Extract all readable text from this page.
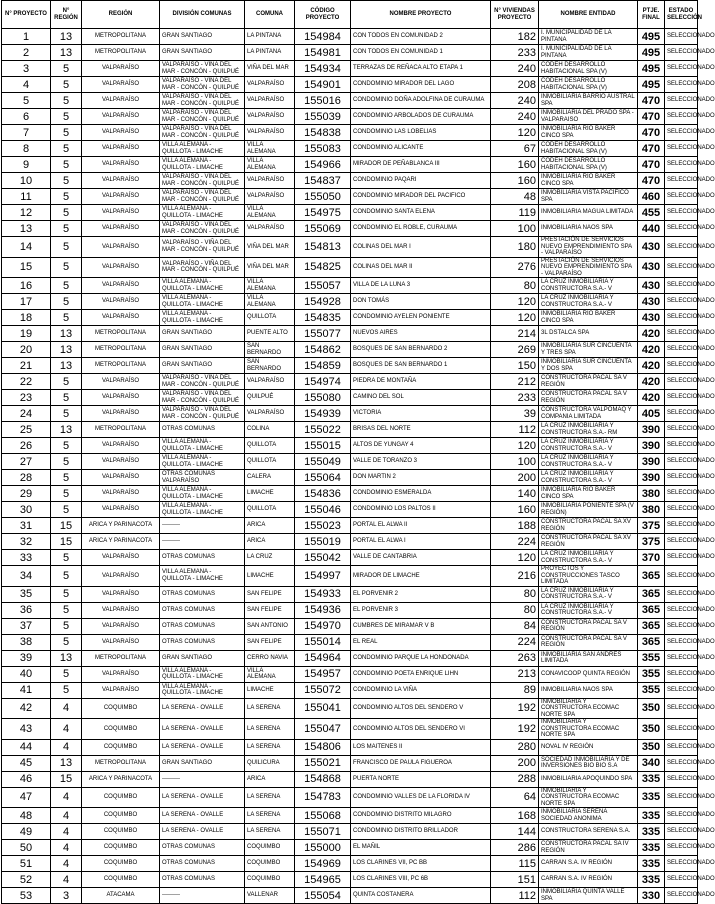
N° PROYECTO	N° REGIÓN	REGIÓN	DIVISIÓN COMUNAS	COMUNA	CÓDIGO PROYECTO	NOMBRE PROYECTO	N° VIVIENDAS PROYECTO	NOMBRE ENTIDAD	PTJE. FINAL	ESTADO SELECCIÓN
1	13	METROPOLITANA	GRAN SANTIAGO	LA PINTANA	154984	CON TODOS EN COMUNIDAD 2	182	I. MUNICIPALIDAD DE LA PINTANA	495	SELECCIONADO
2	13	METROPOLITANA	GRAN SANTIAGO	LA PINTANA	154981	CON TODOS EN COMUNIDAD 1	233	I. MUNICIPALIDAD DE LA PINTANA	495	SELECCIONADO
3	5	VALPARAÍSO	VALPARAÍSO - VIÑA DEL MAR - CONCÓN - QUILPUÉ	VIÑA DEL MAR	154934	TERRAZAS DE REÑACA ALTO ETAPA 1	240	CODEH DESARROLLO HABITACIONAL SPA (V)	495	SELECCIONADO
4	5	VALPARAÍSO	VALPARAÍSO - VIÑA DEL MAR - CONCÓN - QUILPUÉ	VALPARAÍSO	154901	CONDOMINIO MIRADOR DEL LAGO	208	CODEH DESARROLLO HABITACIONAL SPA (V)	495	SELECCIONADO
5	5	VALPARAÍSO	VALPARAÍSO - VIÑA DEL MAR - CONCÓN - QUILPUÉ	VALPARAÍSO	155016	CONDOMINIO DOÑA ADOLFINA DE CURAUMA	240	INMOBILIARIA BARRIO AUSTRAL SPA	470	SELECCIONADO
6	5	VALPARAÍSO	VALPARAÍSO - VIÑA DEL MAR - CONCÓN - QUILPUÉ	VALPARAÍSO	155039	CONDOMINIO ARBOLADOS DE CURAUMA	240	INMOBILIARIA DEL PRADO SPA - VALPARAISO	470	SELECCIONADO
7	5	VALPARAÍSO	VALPARAÍSO - VIÑA DEL MAR - CONCÓN - QUILPUÉ	VALPARAÍSO	154838	CONDOMINIO LAS LOBELIAS	120	INMOBILIARIA RIO BAKER CINCO SPA	470	SELECCIONADO
8	5	VALPARAÍSO	VILLA ALEMANA - QUILLOTA - LIMACHE	VILLA ALEMANA	155083	CONDOMINIO ALICANTE	67	CODEH DESARROLLO HABITACIONAL SPA (V)	470	SELECCIONADO
9	5	VALPARAÍSO	VILLA ALEMANA - QUILLOTA - LIMACHE	VILLA ALEMANA	154966	MIRADOR DE PEÑABLANCA III	160	CODEH DESARROLLO HABITACIONAL SPA (V)	470	SELECCIONADO
10	5	VALPARAÍSO	VALPARAÍSO - VIÑA DEL MAR - CONCÓN - QUILPUÉ	VALPARAÍSO	154837	CONDOMINIO PAQARI	160	INMOBILIARIA RIO BAKER CINCO SPA	470	SELECCIONADO
11	5	VALPARAÍSO	VALPARAÍSO - VIÑA DEL MAR - CONCÓN - QUILPUÉ	VALPARAÍSO	155050	CONDOMINIO MIRADOR DEL PACIFICO	48	INMOBILIARIA VISTA PACIFICO SPA	460	SELECCIONADO
12	5	VALPARAÍSO	VILLA ALEMANA - QUILLOTA - LIMACHE	VILLA ALEMANA	154975	CONDOMINIO SANTA ELENA	119	INMOBILIARIA MAGUA LIMITADA	455	SELECCIONADO
13	5	VALPARAÍSO	VALPARAÍSO - VIÑA DEL MAR - CONCÓN - QUILPUÉ	VALPARAÍSO	155069	CONDOMINIO EL ROBLE, CURAUMA	100	INMOBILIARIA NAOS SPA	440	SELECCIONADO
14	5	VALPARAÍSO	VALPARAÍSO - VIÑA DEL MAR - CONCÓN - QUILPUÉ	VIÑA DEL MAR	154813	COLINAS DEL MAR I	180	PRESTACIÓN DE SERVICIOS NUEVO EMPRENDIMIENTO SPA - VALPARAÍSO	430	SELECCIONADO
15	5	VALPARAÍSO	VALPARAÍSO - VIÑA DEL MAR - CONCÓN - QUILPUÉ	VIÑA DEL MAR	154825	COLINAS DEL MAR II	276	PRESTACIÓN DE SERVICIOS NUEVO EMPRENDIMIENTO SPA - VALPARAÍSO	430	SELECCIONADO
16	5	VALPARAÍSO	VILLA ALEMANA - QUILLOTA - LIMACHE	VILLA ALEMANA	155057	VILLA DE LA LUNA 3	80	LA CRUZ INMOBILIARIA Y CONSTRUCTORA S.A.- V	430	SELECCIONADO
17	5	VALPARAÍSO	VILLA ALEMANA - QUILLOTA - LIMACHE	VILLA ALEMANA	154928	DON TOMÁS	120	LA CRUZ INMOBILIARIA Y CONSTRUCTORA S.A.- V	430	SELECCIONADO
18	5	VALPARAÍSO	VILLA ALEMANA - QUILLOTA - LIMACHE	QUILLOTA	154835	CONDOMINIO AYELEN PONIENTE	120	INMOBILIARIA RIO BAKER CINCO SPA	430	SELECCIONADO
19	13	METROPOLITANA	GRAN SANTIAGO	PUENTE ALTO	155077	NUEVOS AIRES	214	3L DSTALCA SPA	420	SELECCIONADO
20	13	METROPOLITANA	GRAN SANTIAGO	SAN BERNARDO	154862	BOSQUES DE SAN BERNARDO 2	269	INMOBILIARIA SUR CINCUENTA Y TRES SPA	420	SELECCIONADO
21	13	METROPOLITANA	GRAN SANTIAGO	SAN BERNARDO	154859	BOSQUES DE SAN BERNARDO 1	150	INMOBILIARIA SUR CINCUENTA Y DOS SPA	420	SELECCIONADO
22	5	VALPARAÍSO	VALPARAÍSO - VIÑA DEL MAR - CONCÓN - QUILPUÉ	VALPARAÍSO	154974	PIEDRA DE MONTAÑA	212	CONSTRUCTORA PACAL SA V REGIÓN	420	SELECCIONADO
23	5	VALPARAÍSO	VALPARAÍSO - VIÑA DEL MAR - CONCÓN - QUILPUÉ	QUILPUÉ	155080	CAMINO DEL SOL	233	CONSTRUCTORA PACAL SA V REGIÓN	420	SELECCIONADO
24	5	VALPARAÍSO	VALPARAÍSO - VIÑA DEL MAR - CONCÓN - QUILPUÉ	VALPARAÍSO	154939	VICTORIA	39	CONSTRUCTORA VALPOMAQ Y COMPANIA LIMITADA	405	SELECCIONADO
25	13	METROPOLITANA	OTRAS COMUNAS	COLINA	155022	BRISAS DEL NORTE	112	LA CRUZ INMOBILIARIA Y CONSTRUCTORA S.A.- RM	390	SELECCIONADO
26	5	VALPARAÍSO	VILLA ALEMANA - QUILLOTA - LIMACHE	QUILLOTA	155015	ALTOS DE YUNGAY 4	120	LA CRUZ INMOBILIARIA Y CONSTRUCTORA S.A.- V	390	SELECCIONADO
27	5	VALPARAÍSO	VILLA ALEMANA - QUILLOTA - LIMACHE	QUILLOTA	155049	VALLE DE TORANZO 3	100	LA CRUZ INMOBILIARIA Y CONSTRUCTORA S.A.- V	390	SELECCIONADO
28	5	VALPARAÍSO	OTRAS COMUNAS VALPARAÍSO	CALERA	155064	DON MARTIN 2	200	LA CRUZ INMOBILIARIA Y CONSTRUCTORA S.A.- V	390	SELECCIONADO
29	5	VALPARAÍSO	VILLA ALEMANA - QUILLOTA - LIMACHE	LIMACHE	154836	CONDOMINIO ESMERALDA	140	INMOBILIARIA RIO BAKER CINCO SPA	380	SELECCIONADO
30	5	VALPARAÍSO	VILLA ALEMANA - QUILLOTA - LIMACHE	QUILLOTA	155046	CONDOMINIO LOS PALTOS II	160	INMOBILIARIA PONIENTE SPA (V REGIÓN)	380	SELECCIONADO
31	15	ARICA Y PARINACOTA	---------	ARICA	155023	PORTAL EL ALWA II	188	CONSTRUCTORA PACAL SA XV REGIÓN	375	SELECCIONADO
32	15	ARICA Y PARINACOTA	---------	ARICA	155019	PORTAL EL ALWA I	224	CONSTRUCTORA PACAL SA XV REGIÓN	375	SELECCIONADO
33	5	VALPARAÍSO	OTRAS COMUNAS	LA CRUZ	155042	VALLE DE CANTABRIA	120	LA CRUZ INMOBILIARIA Y CONSTRUCTORA S.A.- V	370	SELECCIONADO
34	5	VALPARAÍSO	VILLA ALEMANA - QUILLOTA - LIMACHE	LIMACHE	154997	MIRADOR DE LIMACHE	216	PROYECTOS Y CONSTRUCCIONES TASCO LIMITADA	365	SELECCIONADO
35	5	VALPARAÍSO	OTRAS COMUNAS	SAN FELIPE	154933	EL PORVENIR 2	80	LA CRUZ INMOBILIARIA Y CONSTRUCTORA S.A.- V	365	SELECCIONADO
36	5	VALPARAÍSO	OTRAS COMUNAS	SAN FELIPE	154936	EL PORVENIR 3	80	LA CRUZ INMOBILIARIA Y CONSTRUCTORA S.A.- V	365	SELECCIONADO
37	5	VALPARAÍSO	OTRAS COMUNAS	SAN ANTONIO	154970	CUMBRES DE MIRAMAR V B	84	CONSTRUCTORA PACAL SA V REGIÓN	365	SELECCIONADO
38	5	VALPARAÍSO	OTRAS COMUNAS	SAN FELIPE	155014	EL REAL	224	CONSTRUCTORA PACAL SA V REGIÓN	365	SELECCIONADO
39	13	METROPOLITANA	GRAN SANTIAGO	CERRO NAVIA	154964	CONDOMINIO PARQUE LA HONDONADA	263	INMOBILIARIA SAN ANDRES LIMITADA	355	SELECCIONADO
40	5	VALPARAÍSO	VILLA ALEMANA - QUILLOTA - LIMACHE	VILLA ALEMANA	154957	CONDOMINIO POETA ENRIQUE LIHN	213	CONAVICOOP QUINTA REGIÓN	355	SELECCIONADO
41	5	VALPARAÍSO	VILLA ALEMANA - QUILLOTA - LIMACHE	LIMACHE	155072	CONDOMINIO LA VIÑA	89	INMOBILIARIA NAOS SPA	355	SELECCIONADO
42	4	COQUIMBO	LA SERENA - OVALLE	LA SERENA	155041	CONDOMINIO ALTOS DEL SENDERO V	192	INMOBILIARIA Y CONSTRUCTORA ECOMAC NORTE SPA	350	SELECCIONADO
43	4	COQUIMBO	LA SERENA - OVALLE	LA SERENA	155047	CONDOMINIO ALTOS DEL SENDERO VI	192	INMOBILIARIA Y CONSTRUCTORA ECOMAC NORTE SPA	350	SELECCIONADO
44	4	COQUIMBO	LA SERENA - OVALLE	LA SERENA	154806	LOS MAITENES II	280	NOVAL IV REGIÓN	350	SELECCIONADO
45	13	METROPOLITANA	GRAN SANTIAGO	QUILICURA	155021	FRANCISCO DE PAULA FIGUEROA	200	SOCIEDAD INMOBILIARIA Y DE INVERSIONES BIO BIO S.A	340	SELECCIONADO
46	15	ARICA Y PARINACOTA	---------	ARICA	154868	PUERTA NORTE	288	INMOBILIARIA APOQUINDO SPA	335	SELECCIONADO
47	4	COQUIMBO	LA SERENA - OVALLE	LA SERENA	154783	CONDOMINIO VALLES DE LA FLORIDA IV	64	INMOBILIARIA Y CONSTRUCTORA ECOMAC NORTE SPA	335	SELECCIONADO
48	4	COQUIMBO	LA SERENA - OVALLE	LA SERENA	155068	CONDOMINIO DISTRITO MILAGRO	168	INMOBILIARIA SERENA SOCIEDAD ANONIMA	335	SELECCIONADO
49	4	COQUIMBO	LA SERENA - OVALLE	LA SERENA	155071	CONDOMINIO DISTRITO BRILLADOR	144	CONSTRUCTORA SERENA S.A.	335	SELECCIONADO
50	4	COQUIMBO	OTRAS COMUNAS	COQUIMBO	155000	EL MAÑIL	286	CONSTRUCTORA PACAL SA IV REGIÓN	335	SELECCIONADO
51	4	COQUIMBO	OTRAS COMUNAS	COQUIMBO	154969	LOS CLARINES VII, PC BB	115	CARRAN S.A. IV REGIÓN	335	SELECCIONADO
52	4	COQUIMBO	OTRAS COMUNAS	COQUIMBO	154965	LOS CLARINES VIII, PC 6B	151	CARRAN S.A. IV REGIÓN	335	SELECCIONADO
53	3	ATACAMA	---------	VALLENAR	155054	QUINTA COSTANERA	112	INMOBILIARIA QUINTA VALLE SPA	330	SELECCIONADO
